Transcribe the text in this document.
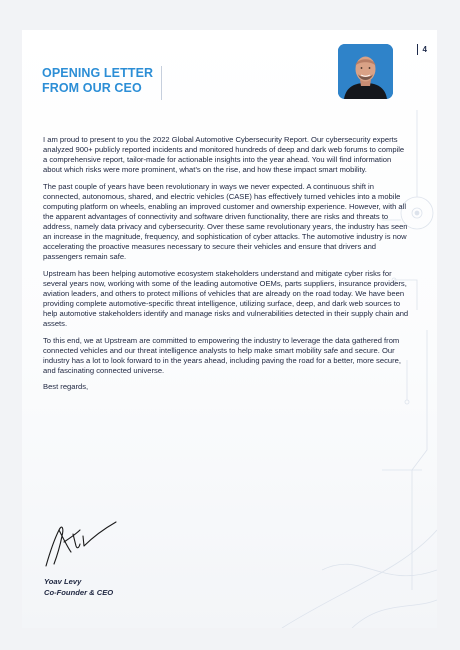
4
OPENING LETTER FROM OUR CEO

I am proud to present to you the 2022 Global Automotive Cybersecurity Report. Our cybersecurity experts analyzed 900+ publicly reported incidents and monitored hundreds of deep and dark web forums to compile a comprehensive report, tailor-made for actionable insights into the year ahead. You will find information about which risks were more prominent, what’s on the rise, and how these impact smart mobility.

The past couple of years have been revolutionary in ways we never expected. A continuous shift in connected, autonomous, shared, and electric vehicles (CASE) has effectively turned vehicles into a mobile computing platform on wheels, enabling an improved customer and ownership experience. However, with all the apparent advantages of connectivity and software driven functionality, there are risks and threats to address, namely data privacy and cybersecurity. Over these same revolutionary years, the industry has seen an increase in the magnitude, frequency, and sophistication of cyber attacks. The automotive industry is now accelerating the proactive measures necessary to secure their vehicles and ensure that drivers and passengers remain safe.

Upstream has been helping automotive ecosystem stakeholders understand and mitigate cyber risks for several years now, working with some of the leading automotive OEMs, parts suppliers, insurance providers, aviation leaders, and others to protect millions of vehicles that are already on the road today. We have been providing complete automotive-specific threat intelligence, utilizing surface, deep, and dark web sources to help automotive stakeholders identify and manage risks and vulnerabilities detected in their supply chain and assets.

To this end, we at Upstream are committed to empowering the industry to leverage the data gathered from connected vehicles and our threat intelligence analysts to help make smart mobility safe and secure. Our industry has a lot to look forward to in the years ahead, including paving the road for a better, more secure, and fascinating connected universe.

Best regards,

Yoav Levy
Co-Founder & CEO
